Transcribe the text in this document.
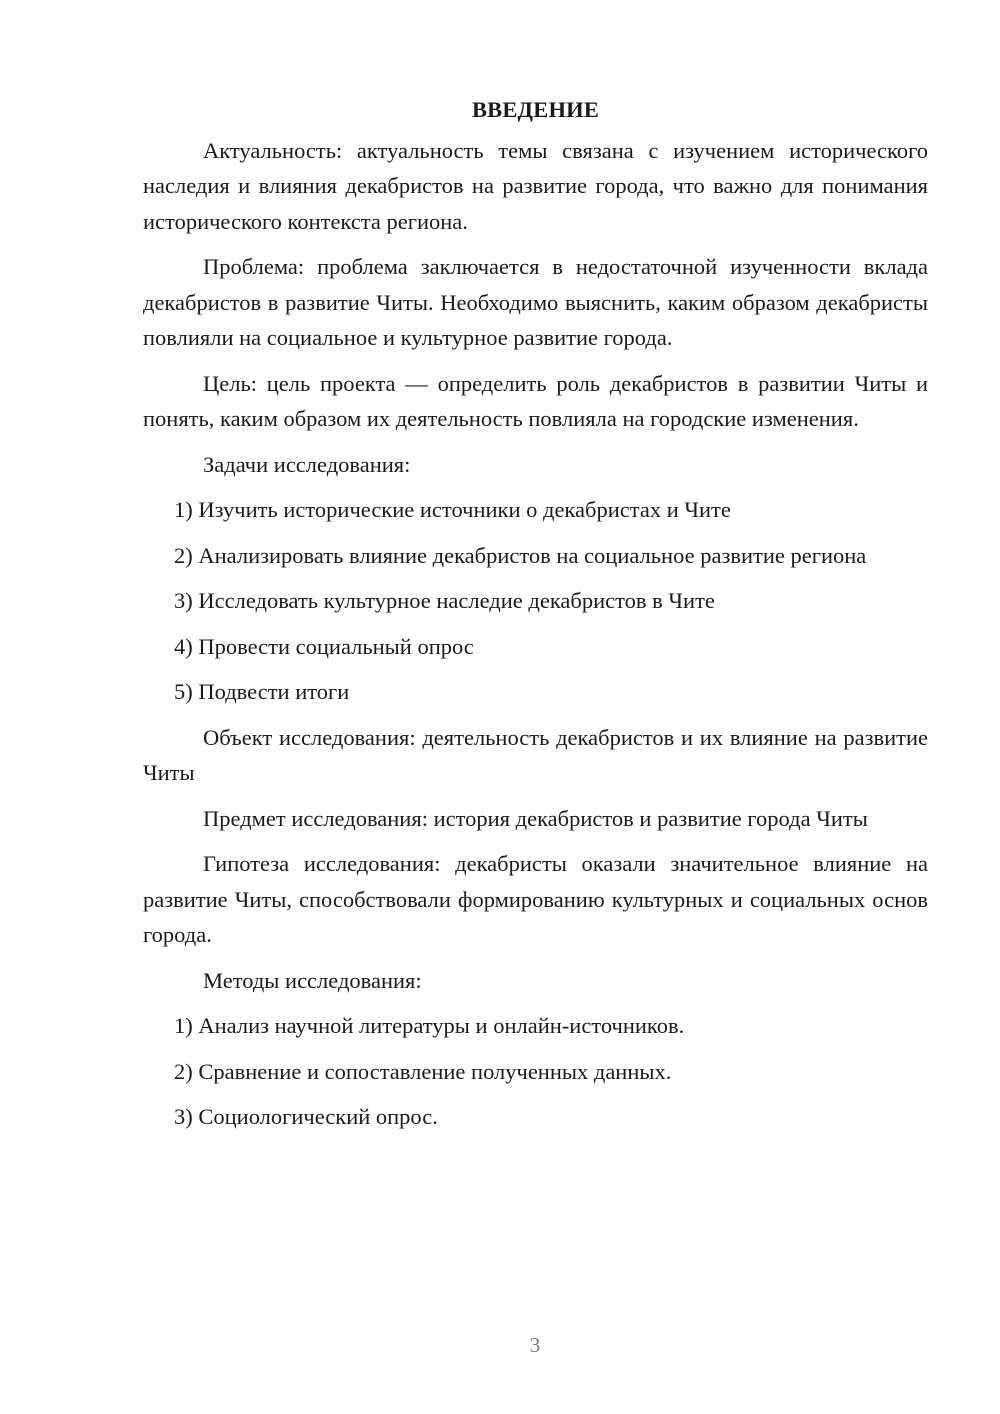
ВВЕДЕНИЕ

Актуальность: актуальность темы связана с изучением исторического наследия и влияния декабристов на развитие города, что важно для понимания исторического контекста региона.

Проблема: проблема заключается в недостаточной изученности вклада декабристов в развитие Читы. Необходимо выяснить, каким образом декабристы повлияли на социальное и культурное развитие города.

Цель: цель проекта — определить роль декабристов в развитии Читы и понять, каким образом их деятельность повлияла на городские изменения.

Задачи исследования:

1) Изучить исторические источники о декабристах и Чите

2) Анализировать влияние декабристов на социальное развитие региона

3) Исследовать культурное наследие декабристов в Чите

4) Провести социальный опрос

5) Подвести итоги

Объект исследования: деятельность декабристов и их влияние на развитие Читы

Предмет исследования: история декабристов и развитие города Читы

Гипотеза исследования: декабристы оказали значительное влияние на развитие Читы, способствовали формированию культурных и социальных основ города.

Методы исследования:

1) Анализ научной литературы и онлайн-источников.

2) Сравнение и сопоставление полученных данных.

3) Социологический опрос.

3
